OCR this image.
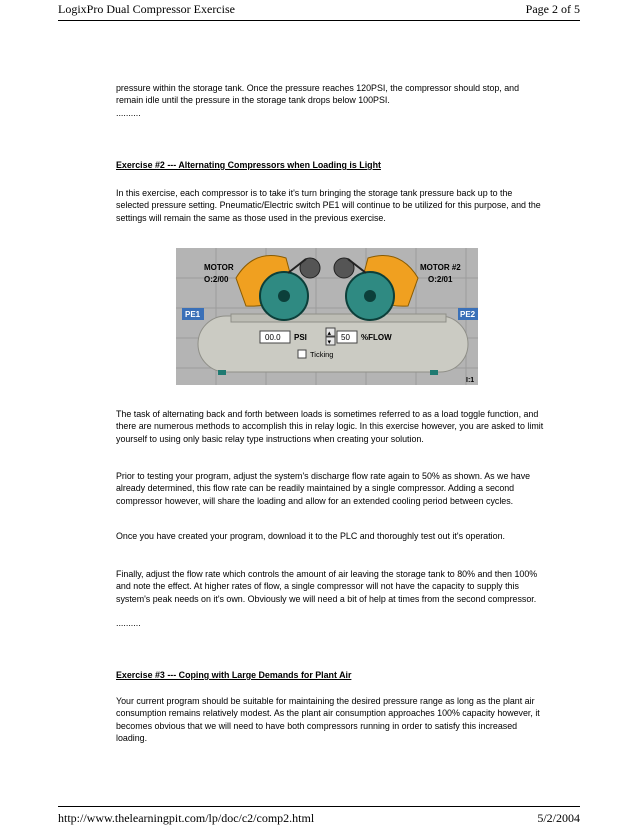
LogixPro Dual Compressor Exercise	Page 2 of 5

pressure within the storage tank. Once the pressure reaches 120PSI, the compressor should stop, and remain idle until the pressure in the storage tank drops below 100PSI.

..........

Exercise #2 --- Alternating Compressors when Loading is Light

In this exercise, each compressor is to take it's turn bringing the storage tank pressure back up to the selected pressure setting. Pneumatic/Electric switch PE1 will continue to be utilized for this purpose, and the settings will remain the same as those used in the previous exercise.

The task of alternating back and forth between loads is sometimes referred to as a load toggle function, and there are numerous methods to accomplish this in relay logic. In this exercise however, you are asked to limit yourself to using only basic relay type instructions when creating your solution.

Prior to testing your program, adjust the system's discharge flow rate again to 50% as shown. As we have already determined, this flow rate can be readily maintained by a single compressor. Adding a second compressor however, will share the loading and allow for an extended cooling period between cycles.

Once you have created your program, download it to the PLC and thoroughly test out it's operation.

Finally, adjust the flow rate which controls the amount of air leaving the storage tank to 80% and then 100% and note the effect. At higher rates of flow, a single compressor will not have the capacity to supply this system's peak needs on it's own. Obviously we will need a bit of help at times from the second compressor.

..........

Exercise #3 --- Coping with Large Demands for Plant Air

Your current program should be suitable for maintaining the desired pressure range as long as the plant air consumption remains relatively modest. As the plant air consumption approaches 100% capacity however, it becomes obvious that we will need to have both compressors running in order to satisfy this increased loading.

MOTOR
O:2/00
MOTOR #2
O:2/01
PE1	PE2
00.0 PSI	▴
▾ 50 %FLOW
Ticking
I:1
http://www.thelearningpit.com/lp/doc/c2/comp2.html	5/2/2004
